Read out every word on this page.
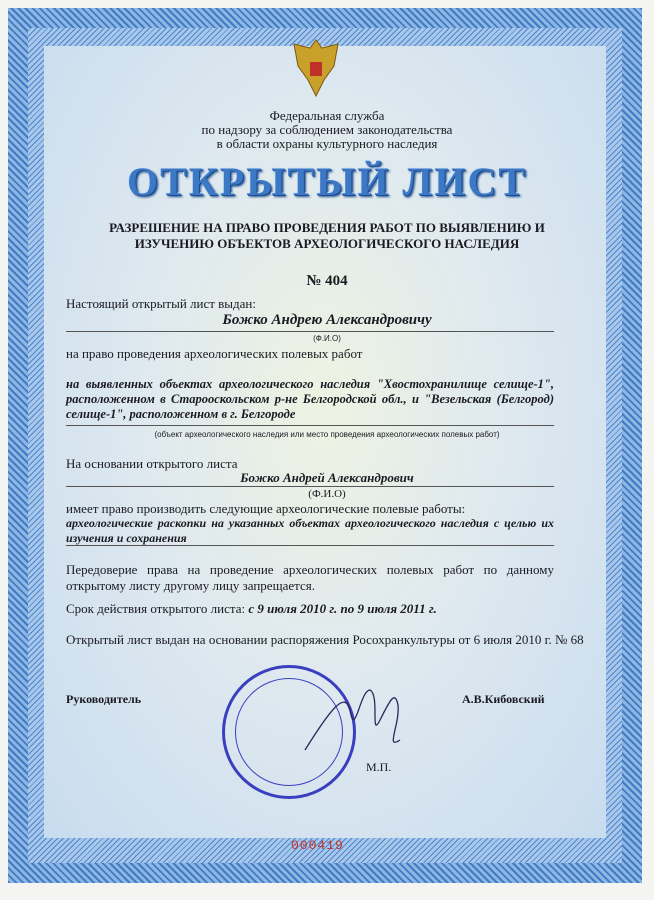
Федеральная служба
по надзору за соблюдением законодательства
в области охраны культурного наследия
ОТКРЫТЫЙ ЛИСТ
РАЗРЕШЕНИЕ НА ПРАВО ПРОВЕДЕНИЯ РАБОТ ПО ВЫЯВЛЕНИЮ И
ИЗУЧЕНИЮ ОБЪЕКТОВ АРХЕОЛОГИЧЕСКОГО НАСЛЕДИЯ
№ 404
Настоящий открытый лист выдан:
Божко Андрею Александровичу
(Ф.И.О)
на право проведения археологических полевых работ
на выявленных объектах археологического наследия "Хвостохранилище селище-1", расположенном в Старооскольском р-не Белгородской обл., и "Везельская (Белгород) селище-1", расположенном в г. Белгороде
(объект археологического наследия или место проведения археологических полевых работ)
На основании открытого листа
Божко Андрей Александрович
(Ф.И.О)
имеет право производить следующие археологические полевые работы:
археологические раскопки на указанных объектах археологического наследия с целью их изучения и сохранения
Передоверие права на проведение археологических полевых работ по данному открытому листу другому лицу запрещается.
Срок действия открытого листа: с 9 июля 2010 г. по 9 июля 2011 г.
Открытый лист выдан на основании распоряжения Росохранкультуры от 6 июля 2010 г. № 68
Руководитель	А.В.Кибовский
М.П.
000419
